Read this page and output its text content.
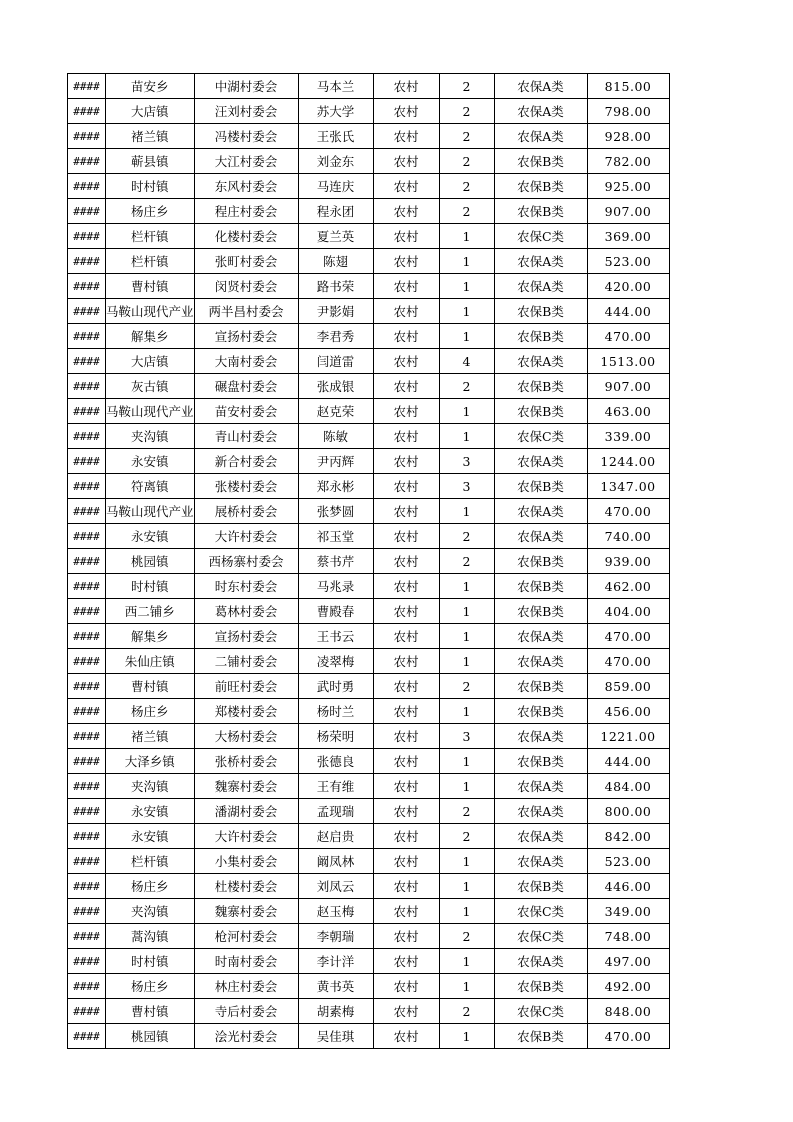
####	苗安乡	中湖村委会	马本兰	农村	2	农保A类	815.00
####	大店镇	汪刘村委会	苏大学	农村	2	农保A类	798.00
####	褚兰镇	冯楼村委会	王张氏	农村	2	农保A类	928.00
####	蕲县镇	大江村委会	刘金东	农村	2	农保B类	782.00
####	时村镇	东风村委会	马连庆	农村	2	农保B类	925.00
####	杨庄乡	程庄村委会	程永团	农村	2	农保B类	907.00
####	栏杆镇	化楼村委会	夏兰英	农村	1	农保C类	369.00
####	栏杆镇	张町村委会	陈翅	农村	1	农保A类	523.00
####	曹村镇	闵贤村委会	路书荣	农村	1	农保A类	420.00
####	马鞍山现代产业	两半昌村委会	尹影娟	农村	1	农保B类	444.00
####	解集乡	宣扬村委会	李君秀	农村	1	农保B类	470.00
####	大店镇	大南村委会	闫道雷	农村	4	农保A类	1513.00
####	灰古镇	碾盘村委会	张成银	农村	2	农保B类	907.00
####	马鞍山现代产业	苗安村委会	赵克荣	农村	1	农保B类	463.00
####	夹沟镇	青山村委会	陈敏	农村	1	农保C类	339.00
####	永安镇	新合村委会	尹丙辉	农村	3	农保A类	1244.00
####	符离镇	张楼村委会	郑永彬	农村	3	农保B类	1347.00
####	马鞍山现代产业	展桥村委会	张梦圆	农村	1	农保A类	470.00
####	永安镇	大许村委会	祁玉堂	农村	2	农保A类	740.00
####	桃园镇	西杨寨村委会	蔡书芹	农村	2	农保B类	939.00
####	时村镇	时东村委会	马兆录	农村	1	农保B类	462.00
####	西二铺乡	葛林村委会	曹殿春	农村	1	农保B类	404.00
####	解集乡	宣扬村委会	王书云	农村	1	农保A类	470.00
####	朱仙庄镇	二铺村委会	凌翠梅	农村	1	农保A类	470.00
####	曹村镇	前旺村委会	武时勇	农村	2	农保B类	859.00
####	杨庄乡	郑楼村委会	杨时兰	农村	1	农保B类	456.00
####	褚兰镇	大杨村委会	杨荣明	农村	3	农保A类	1221.00
####	大泽乡镇	张桥村委会	张德良	农村	1	农保B类	444.00
####	夹沟镇	魏寨村委会	王有维	农村	1	农保A类	484.00
####	永安镇	潘湖村委会	孟现瑞	农村	2	农保A类	800.00
####	永安镇	大许村委会	赵启贵	农村	2	农保A类	842.00
####	栏杆镇	小集村委会	阚凤林	农村	1	农保A类	523.00
####	杨庄乡	杜楼村委会	刘凤云	农村	1	农保B类	446.00
####	夹沟镇	魏寨村委会	赵玉梅	农村	1	农保C类	349.00
####	蒿沟镇	枪河村委会	李朝瑞	农村	2	农保C类	748.00
####	时村镇	时南村委会	李计洋	农村	1	农保A类	497.00
####	杨庄乡	林庄村委会	黄书英	农村	1	农保B类	492.00
####	曹村镇	寺后村委会	胡素梅	农村	2	农保C类	848.00
####	桃园镇	浍光村委会	吴佳琪	农村	1	农保B类	470.00
